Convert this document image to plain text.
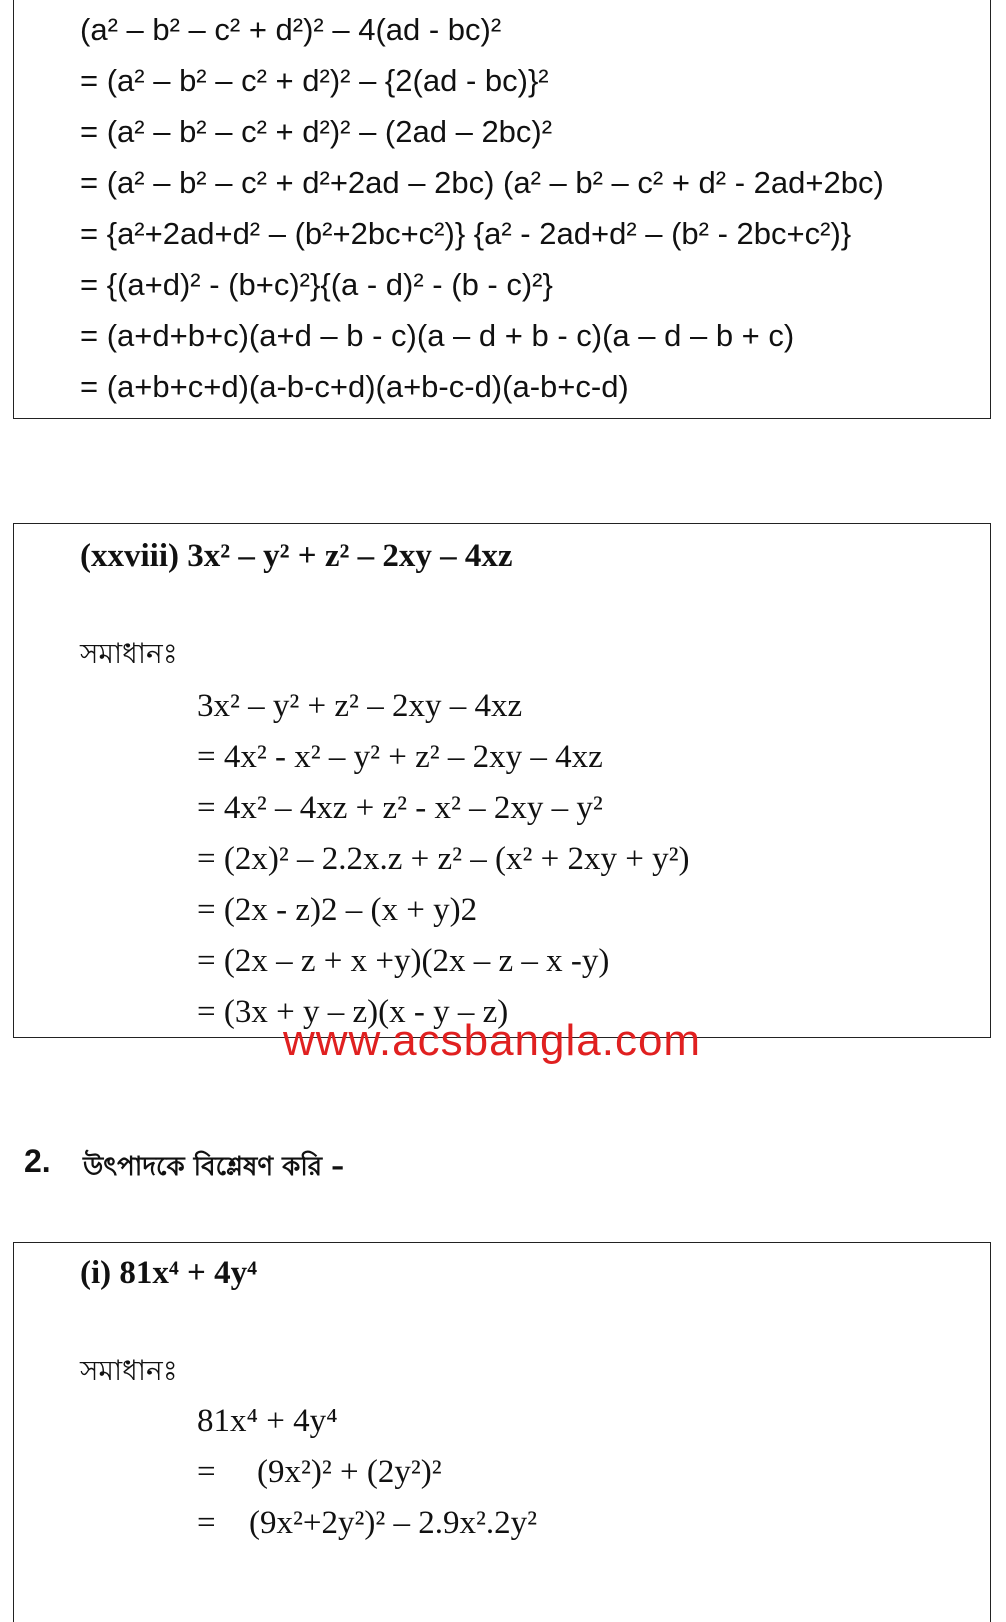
(a² – b² – c² + d²)² – 4(ad - bc)²
= (a² – b² – c² + d²)² – {2(ad - bc)}²
= (a² – b² – c² + d²)² – (2ad – 2bc)²
= (a² – b² – c² + d²+2ad – 2bc) (a² – b² – c² + d² - 2ad+2bc)
= {a²+2ad+d² – (b²+2bc+c²)} {a² - 2ad+d² – (b² - 2bc+c²)}
= {(a+d)² - (b+c)²}{(a - d)² - (b - c)²}
= (a+d+b+c)(a+d – b - c)(a – d + b - c)(a – d – b + c)
= (a+b+c+d)(a-b-c+d)(a+b-c-d)(a-b+c-d)
(xxviii) 3x² – y² + z² – 2xy – 4xz
সমাধানঃ
3x² – y² + z² – 2xy – 4xz
= 4x² - x² – y² + z² – 2xy – 4xz
= 4x² – 4xz + z² - x² – 2xy – y²
= (2x)² – 2.2x.z + z² – (x² + 2xy + y²)
= (2x - z)2 – (x + y)2
= (2x – z + x +y)(2x – z – x -y)
= (3x + y – z)(x - y – z)
www.acsbangla.com
2. উৎপাদকে বিশ্লেষণ করি –
(i) 81x⁴ + 4y⁴
সমাধানঃ
81x⁴ + 4y⁴
= (9x²)² + (2y²)²
= (9x²+2y²)² – 2.9x².2y²
